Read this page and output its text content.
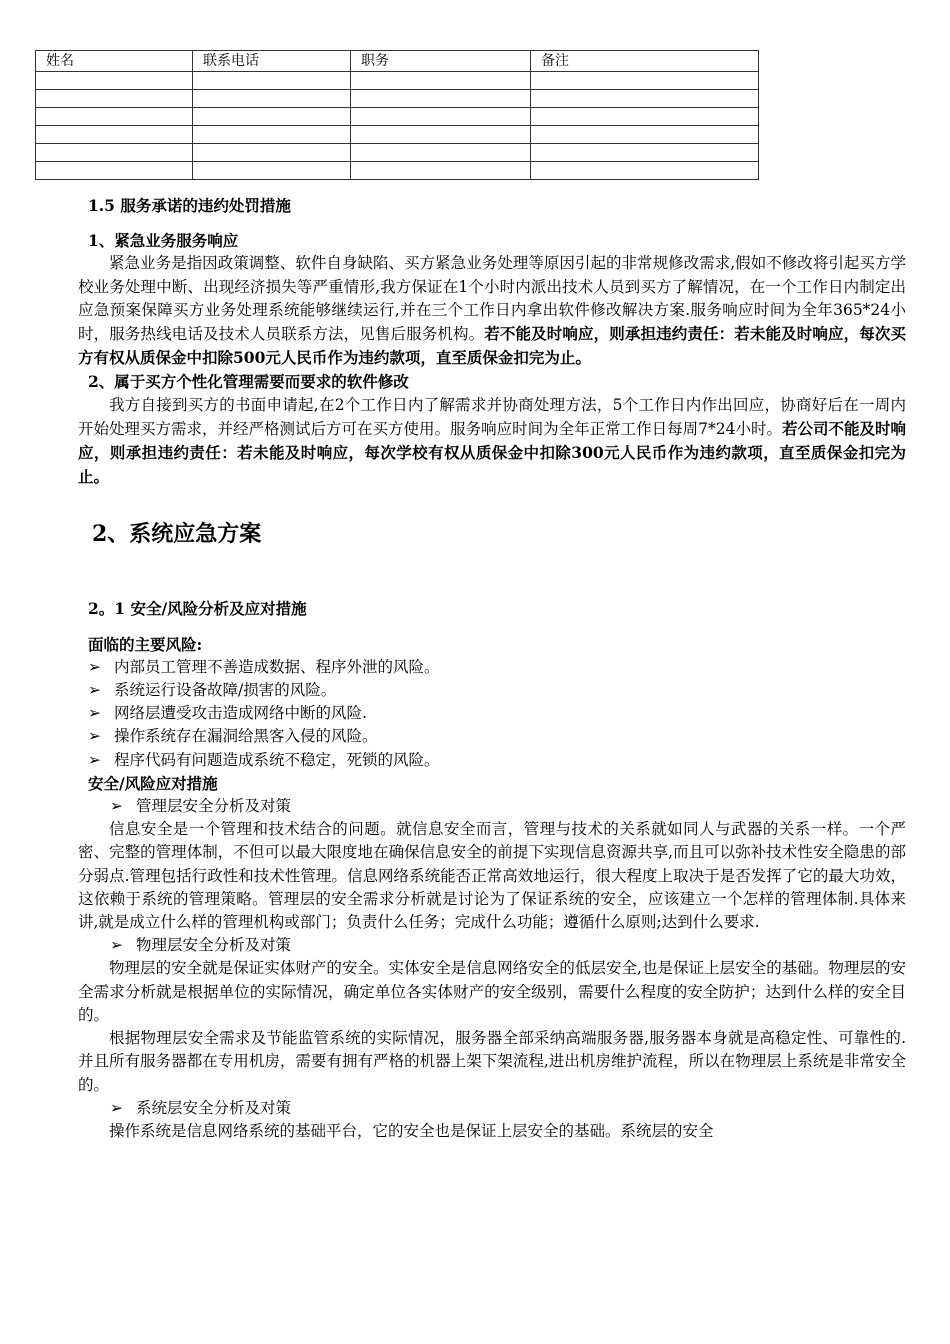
姓名	联系电话	职务	备注

1.5 服务承诺的违约处罚措施
1、紧急业务服务响应
紧急业务是指因政策调整、软件自身缺陷、买方紧急业务处理等原因引起的非常规修改需求,假如不修改将引起买方学校业务处理中断、出现经济损失等严重情形,我方保证在1个小时内派出技术人员到买方了解情况，在一个工作日内制定出应急预案保障买方业务处理系统能够继续运行,并在三个工作日内拿出软件修改解决方案.服务响应时间为全年365*24小时，服务热线电话及技术人员联系方法，见售后服务机构。若不能及时响应，则承担违约责任：若未能及时响应，每次买方有权从质保金中扣除500元人民币作为违约款项，直至质保金扣完为止。
2、属于买方个性化管理需要而要求的软件修改
我方自接到买方的书面申请起,在2个工作日内了解需求并协商处理方法，5个工作日内作出回应，协商好后在一周内开始处理买方需求，并经严格测试后方可在买方使用。服务响应时间为全年正常工作日每周7*24小时。若公司不能及时响应，则承担违约责任：若未能及时响应，每次学校有权从质保金中扣除300元人民币作为违约款项，直至质保金扣完为止。
2、系统应急方案
2。1 安全/风险分析及应对措施
面临的主要风险:
➢ 内部员工管理不善造成数据、程序外泄的风险。
➢ 系统运行设备故障/损害的风险。
➢ 网络层遭受攻击造成网络中断的风险.
➢ 操作系统存在漏洞给黑客入侵的风险。
➢ 程序代码有问题造成系统不稳定，死锁的风险。
安全/风险应对措施
➢ 管理层安全分析及对策
信息安全是一个管理和技术结合的问题。就信息安全而言，管理与技术的关系就如同人与武器的关系一样。一个严密、完整的管理体制，不但可以最大限度地在确保信息安全的前提下实现信息资源共享,而且可以弥补技术性安全隐患的部分弱点.管理包括行政性和技术性管理。信息网络系统能否正常高效地运行，很大程度上取决于是否发挥了它的最大功效，这依赖于系统的管理策略。管理层的安全需求分析就是讨论为了保证系统的安全，应该建立一个怎样的管理体制.具体来讲,就是成立什么样的管理机构或部门；负责什么任务；完成什么功能；遵循什么原则;达到什么要求.
➢ 物理层安全分析及对策
物理层的安全就是保证实体财产的安全。实体安全是信息网络安全的低层安全,也是保证上层安全的基础。物理层的安全需求分析就是根据单位的实际情况，确定单位各实体财产的安全级别，需要什么程度的安全防护；达到什么样的安全目的。
根据物理层安全需求及节能监管系统的实际情况，服务器全部采纳高端服务器,服务器本身就是高稳定性、可靠性的.并且所有服务器都在专用机房，需要有拥有严格的机器上架下架流程,进出机房维护流程，所以在物理层上系统是非常安全的。
➢ 系统层安全分析及对策
操作系统是信息网络系统的基础平台，它的安全也是保证上层安全的基础。系统层的安全
